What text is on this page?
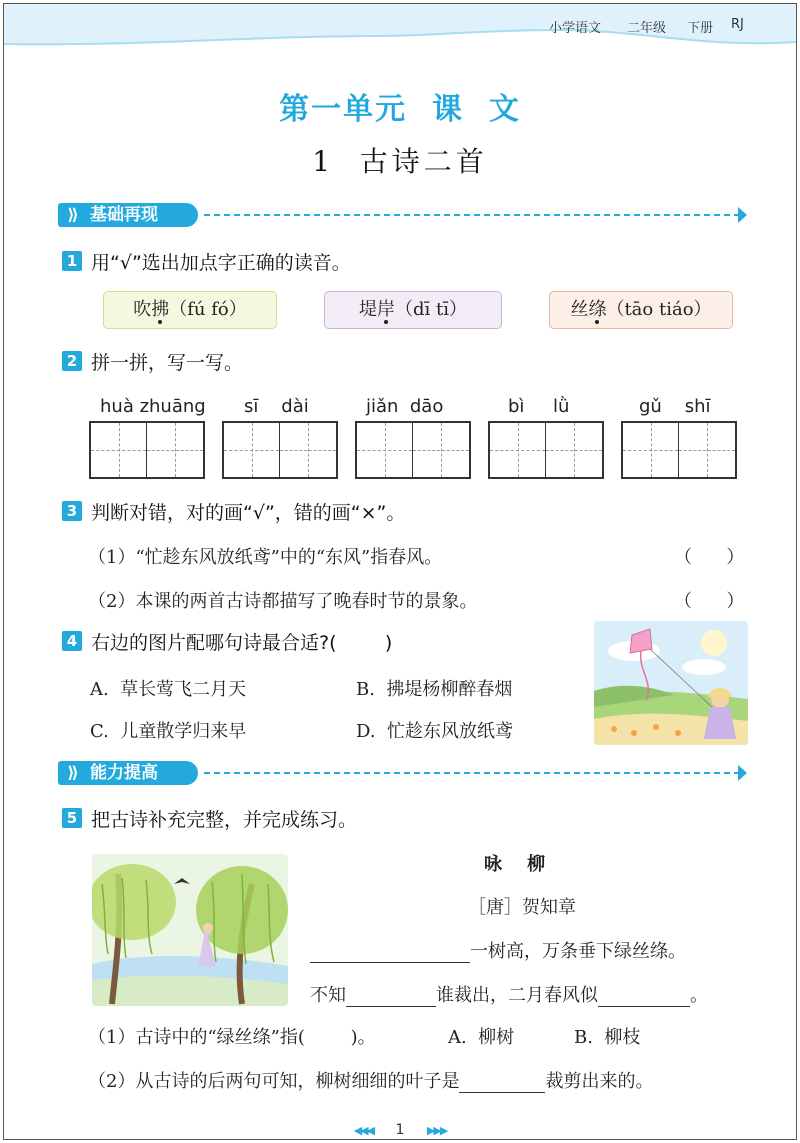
小学语文 二年级 下册 RJ
第一单元  课  文
1  古诗二首
⟫ 基础再现
1 用“√”选出加点字正确的读音。
吹拂（fú fó）	堤岸（dī tī）	丝绦（tāo tiáo）
2 拼一拼，写一写。
huà zhuāng sī    dài	jiǎn  dāo	bì     lǜ	gǔ    shī
3 判断对错，对的画“√”，错的画“×”。
（1）“忙趁东风放纸鸢”中的“东风”指春风。	（      ）
（2）本课的两首古诗都描写了晚春时节的景象。	（      ）
4 右边的图片配哪句诗最合适?(        )
A.  草长莺飞二月天	B.  拂堤杨柳醉春烟
C.  儿童散学归来早	D.  忙趁东风放纸鸢
⟫ 能力提高
5 把古诗补充完整，并完成练习。
咏    柳
［唐］贺知章
一树高，万条垂下绿丝绦。
不知	谁裁出，二月春风似	。
（1）古诗中的“绿丝绦”指(        )。	A.  柳树	B.  柳枝
（2）从古诗的后两句可知，柳树细细的叶子是	裁剪出来的。
◀◀◀ 1 ▶▶▶
